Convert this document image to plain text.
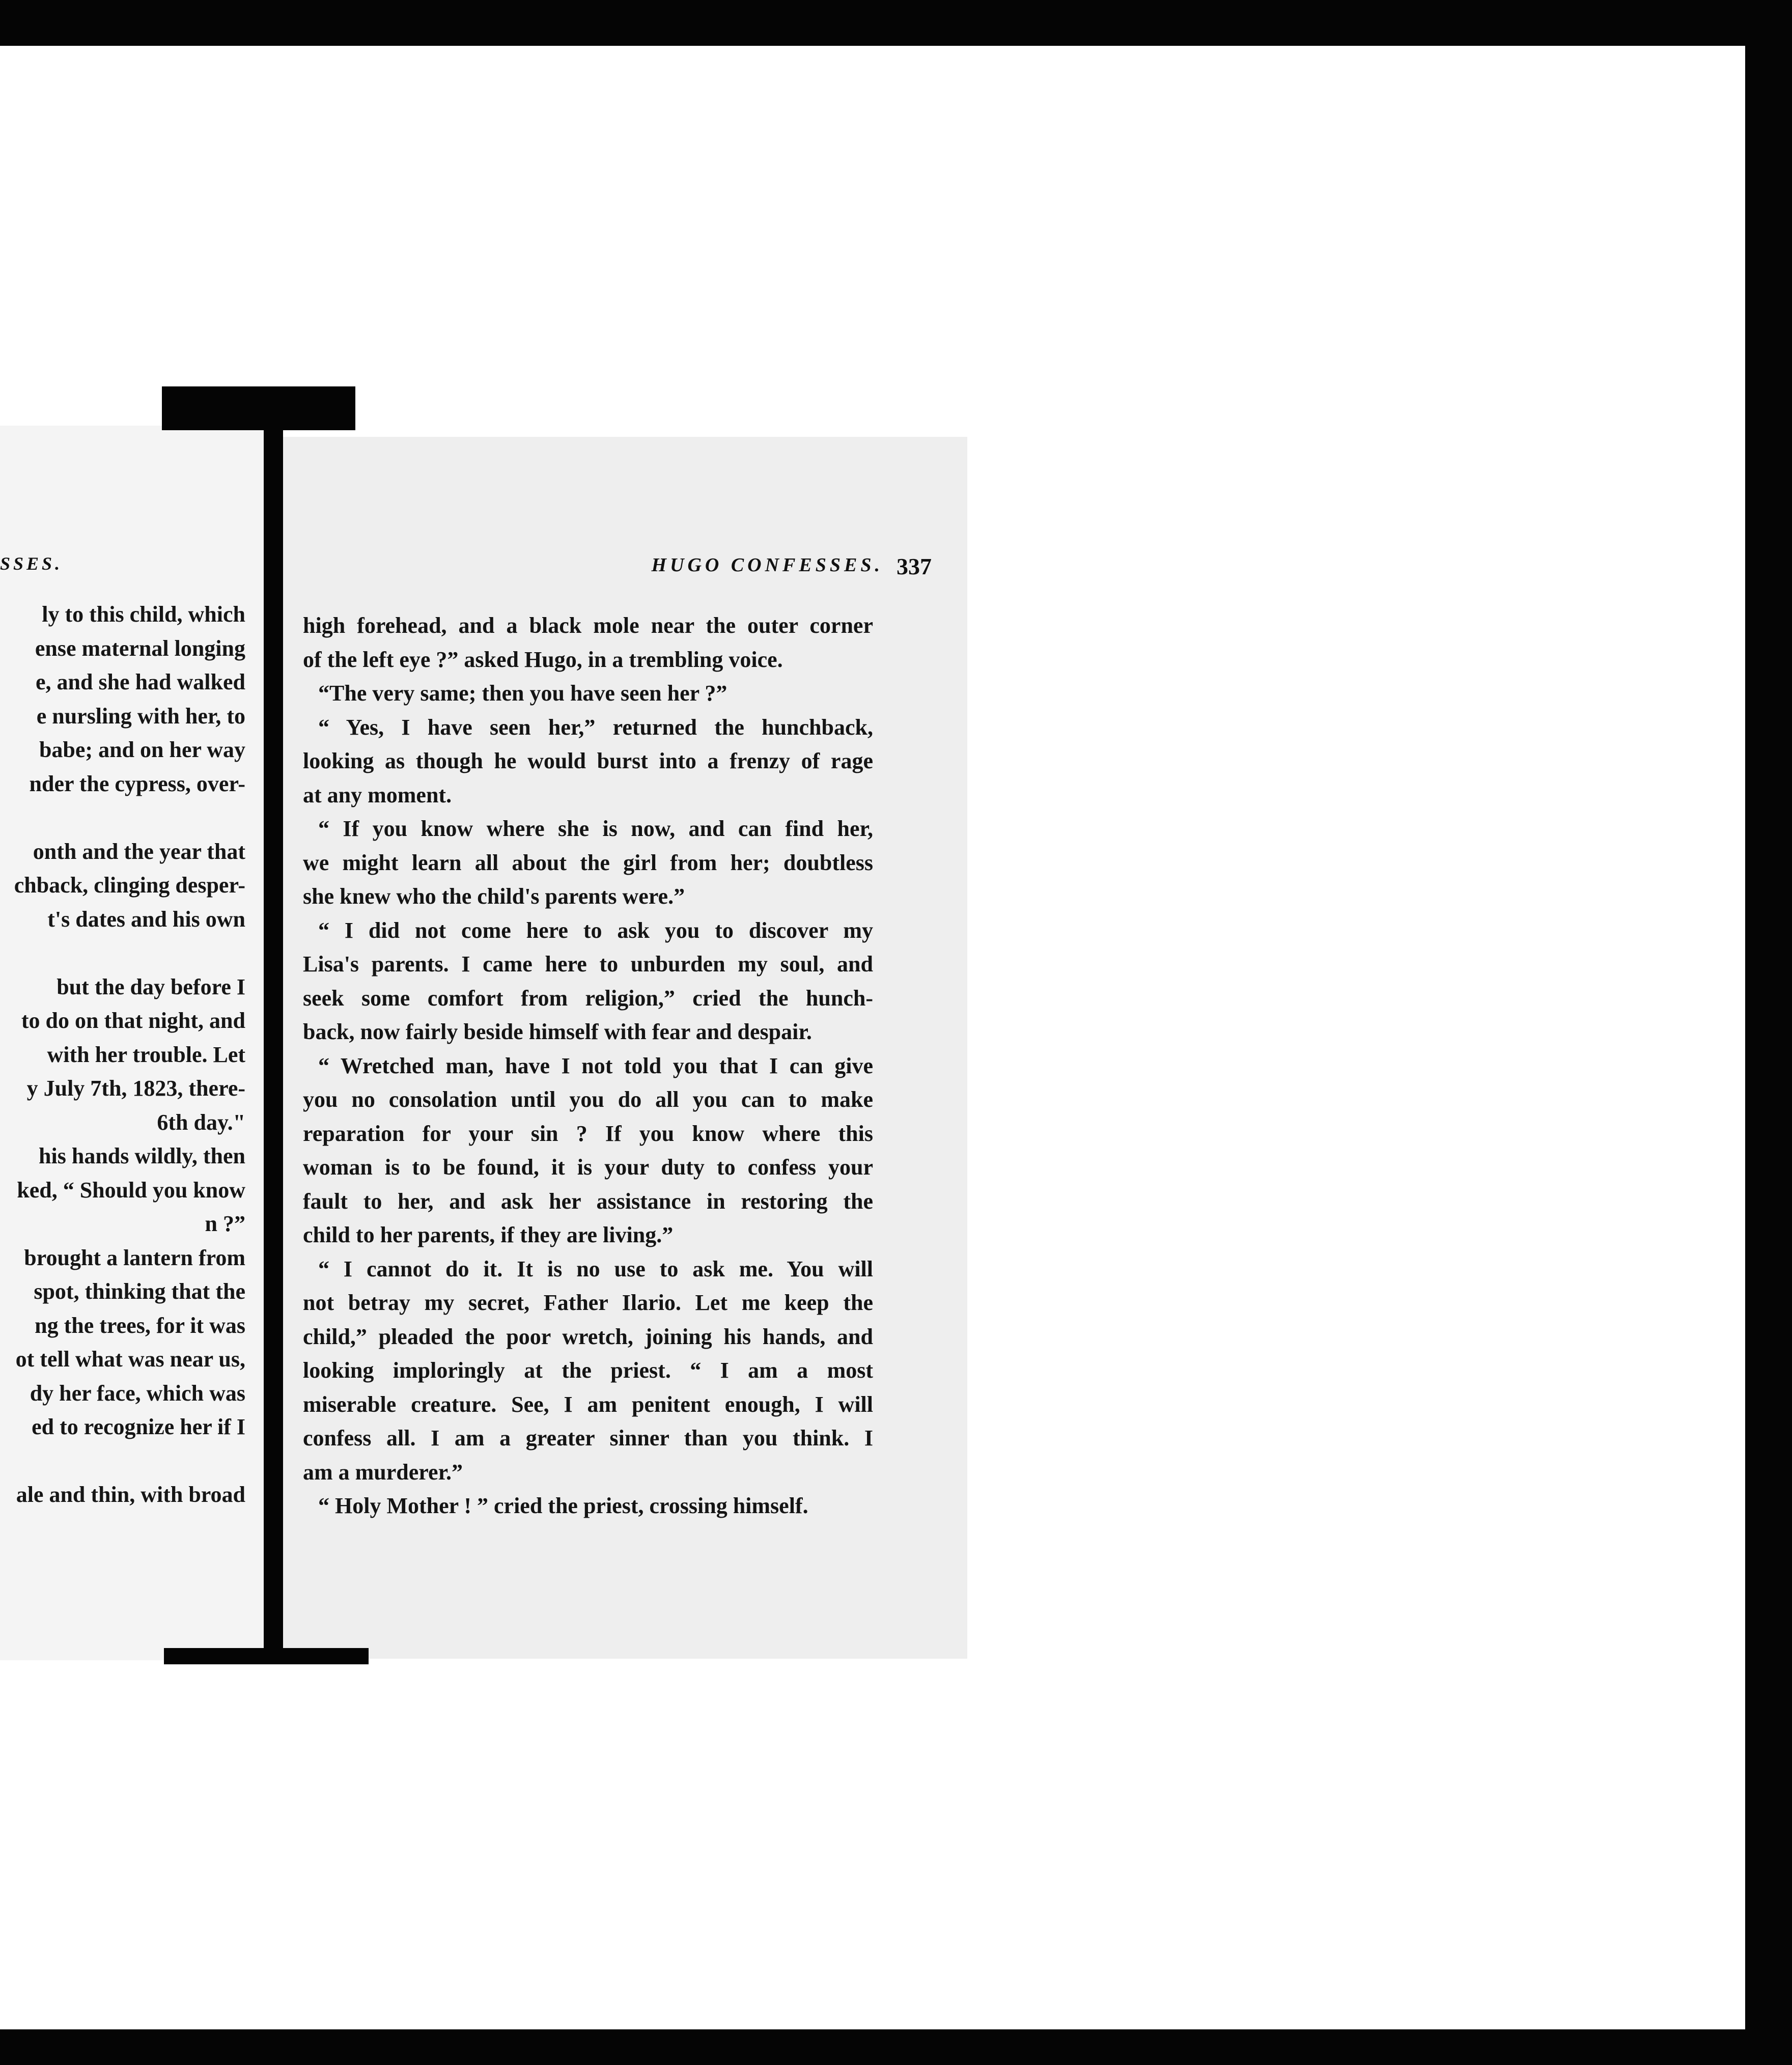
SSES.
ly to this child, which
ense maternal longing
e, and she had walked
e nursling with her, to
babe; and on her way
nder the cypress, over-
onth and the year that
chback, clinging desper-
t's dates and his own
but the day before I
to do on that night, and
with her trouble. Let
y July 7th, 1823, there-
6th day."
his hands wildly, then
ked, “ Should you know
n ?”
brought a lantern from
spot, thinking that the
ng the trees, for it was
ot tell what was near us,
dy her face, which was
ed to recognize her if I
ale and thin, with broad
HUGO CONFESSES. 337
high forehead, and a black mole near the outer corner
of the left eye ?” asked Hugo, in a trembling voice.
“The very same; then you have seen her ?”
“ Yes, I have seen her,” returned the hunchback,
looking as though he would burst into a frenzy of rage
at any moment.
“ If you know where she is now, and can find her,
we might learn all about the girl from her; doubtless
she knew who the child's parents were.”
“ I did not come here to ask you to discover my
Lisa's parents. I came here to unburden my soul, and
seek some comfort from religion,” cried the hunch-
back, now fairly beside himself with fear and despair.
“ Wretched man, have I not told you that I can give
you no consolation until you do all you can to make
reparation for your sin ? If you know where this
woman is to be found, it is your duty to confess your
fault to her, and ask her assistance in restoring the
child to her parents, if they are living.”
“ I cannot do it. It is no use to ask me. You will
not betray my secret, Father Ilario. Let me keep the
child,” pleaded the poor wretch, joining his hands, and
looking imploringly at the priest. “ I am a most
miserable creature. See, I am penitent enough, I will
confess all. I am a greater sinner than you think. I
am a murderer.”
“ Holy Mother ! ” cried the priest, crossing himself.
